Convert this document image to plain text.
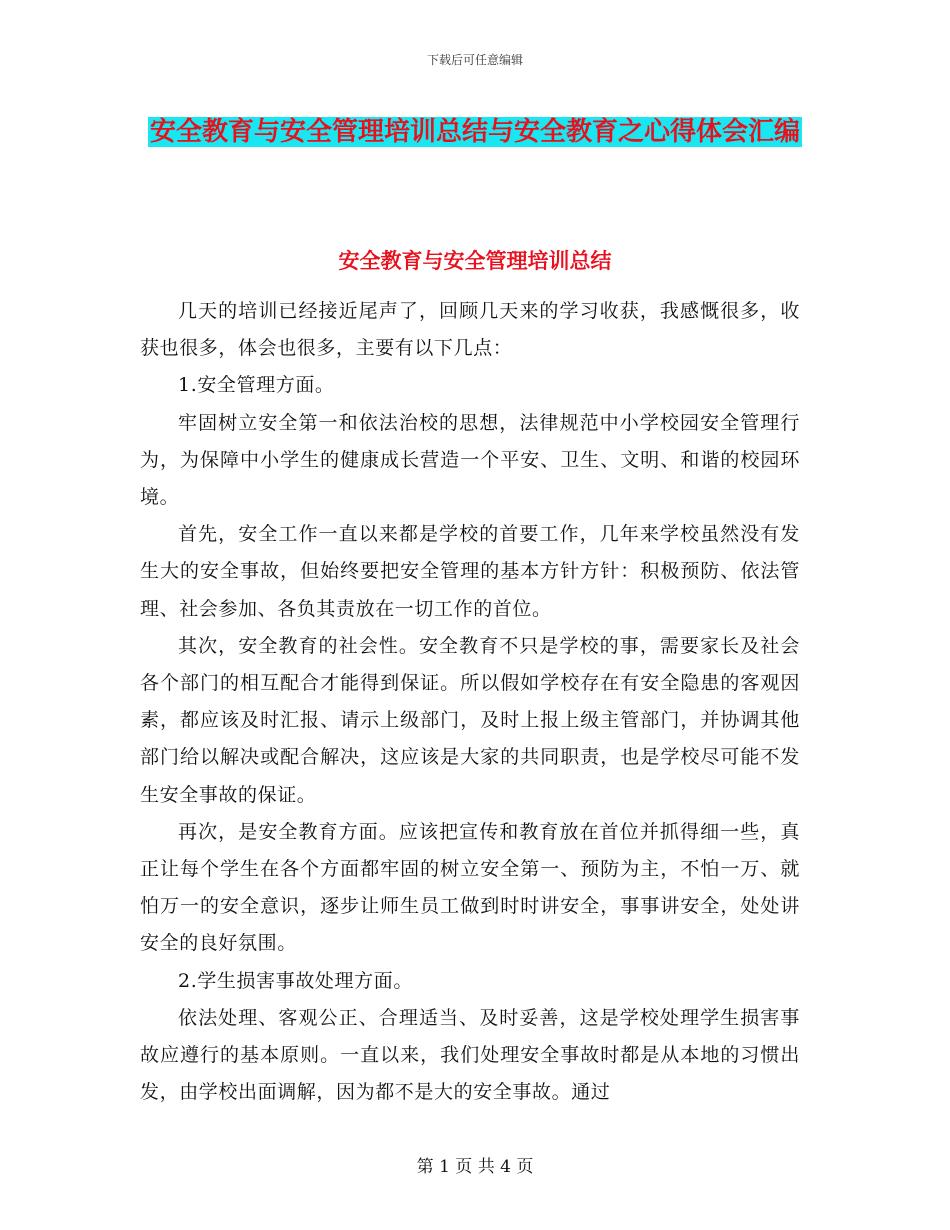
下载后可任意编辑
安全教育与安全管理培训总结与安全教育之心得体会汇编
安全教育与安全管理培训总结

几天的培训已经接近尾声了，回顾几天来的学习收获，我感慨很多，收获也很多，体会也很多，主要有以下几点：

1.安全管理方面。

牢固树立安全第一和依法治校的思想，法律规范中小学校园安全管理行为，为保障中小学生的健康成长营造一个平安、卫生、文明、和谐的校园环境。

首先，安全工作一直以来都是学校的首要工作，几年来学校虽然没有发生大的安全事故，但始终要把安全管理的基本方针方针：积极预防、依法管理、社会参加、各负其责放在一切工作的首位。

其次，安全教育的社会性。安全教育不只是学校的事，需要家长及社会各个部门的相互配合才能得到保证。所以假如学校存在有安全隐患的客观因素，都应该及时汇报、请示上级部门，及时上报上级主管部门，并协调其他部门给以解决或配合解决，这应该是大家的共同职责，也是学校尽可能不发生安全事故的保证。

再次，是安全教育方面。应该把宣传和教育放在首位并抓得细一些，真正让每个学生在各个方面都牢固的树立安全第一、预防为主，不怕一万、就怕万一的安全意识，逐步让师生员工做到时时讲安全，事事讲安全，处处讲安全的良好氛围。

2.学生损害事故处理方面。

依法处理、客观公正、合理适当、及时妥善，这是学校处理学生损害事故应遵行的基本原则。一直以来，我们处理安全事故时都是从本地的习惯出发，由学校出面调解，因为都不是大的安全事故。通过

第 1 页 共 4 页
